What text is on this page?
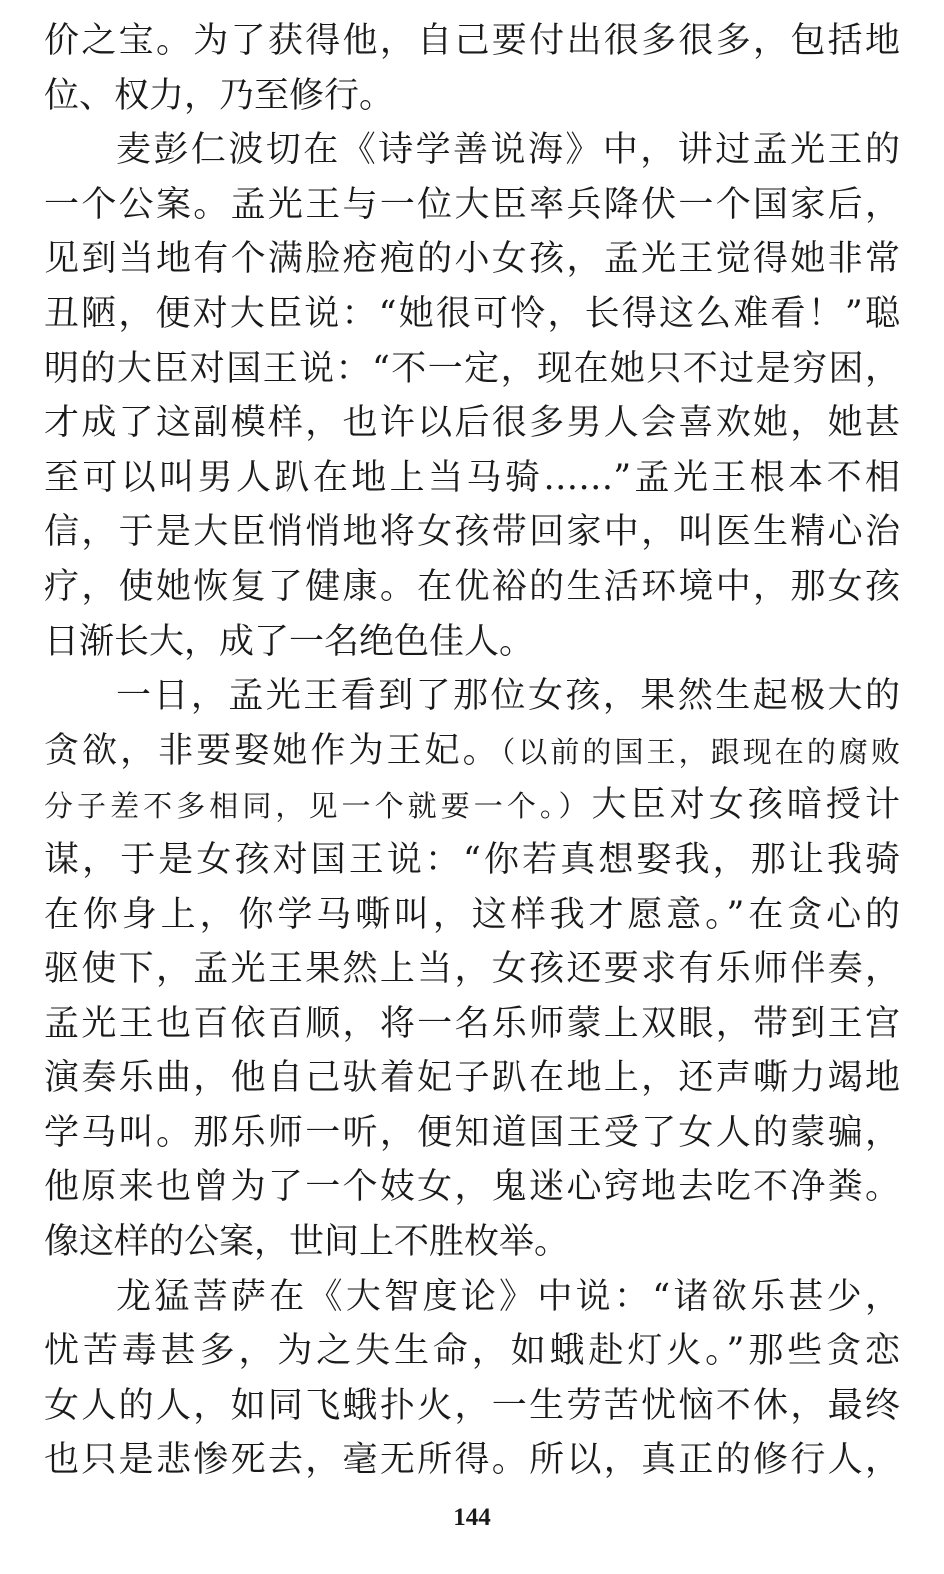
价之宝。为了获得他，自己要付出很多很多，包括地
位、权力，乃至修行。
麦彭仁波切在《诗学善说海》中，讲过孟光王的
一个公案。孟光王与一位大臣率兵降伏一个国家后，
见到当地有个满脸疮疱的小女孩，孟光王觉得她非常
丑陋，便对大臣说：“她很可怜，长得这么难看！”聪
明的大臣对国王说：“不一定，现在她只不过是穷困，
才成了这副模样，也许以后很多男人会喜欢她，她甚
至可以叫男人趴在地上当马骑……”孟光王根本不相
信，于是大臣悄悄地将女孩带回家中，叫医生精心治
疗，使她恢复了健康。在优裕的生活环境中，那女孩
日渐长大，成了一名绝色佳人。
一日，孟光王看到了那位女孩，果然生起极大的
贪欲，非要娶她作为王妃。（以前的国王，跟现在的腐败
分子差不多相同，见一个就要一个。）大臣对女孩暗授计
谋，于是女孩对国王说：“你若真想娶我，那让我骑
在你身上，你学马嘶叫，这样我才愿意。”在贪心的
驱使下，孟光王果然上当，女孩还要求有乐师伴奏，
孟光王也百依百顺，将一名乐师蒙上双眼，带到王宫
演奏乐曲，他自己驮着妃子趴在地上，还声嘶力竭地
学马叫。那乐师一听，便知道国王受了女人的蒙骗，
他原来也曾为了一个妓女，鬼迷心窍地去吃不净粪。
像这样的公案，世间上不胜枚举。
龙猛菩萨在《大智度论》中说：“诸欲乐甚少，
忧苦毒甚多，为之失生命，如蛾赴灯火。”那些贪恋
女人的人，如同飞蛾扑火，一生劳苦忧恼不休，最终
也只是悲惨死去，毫无所得。所以，真正的修行人，
144
